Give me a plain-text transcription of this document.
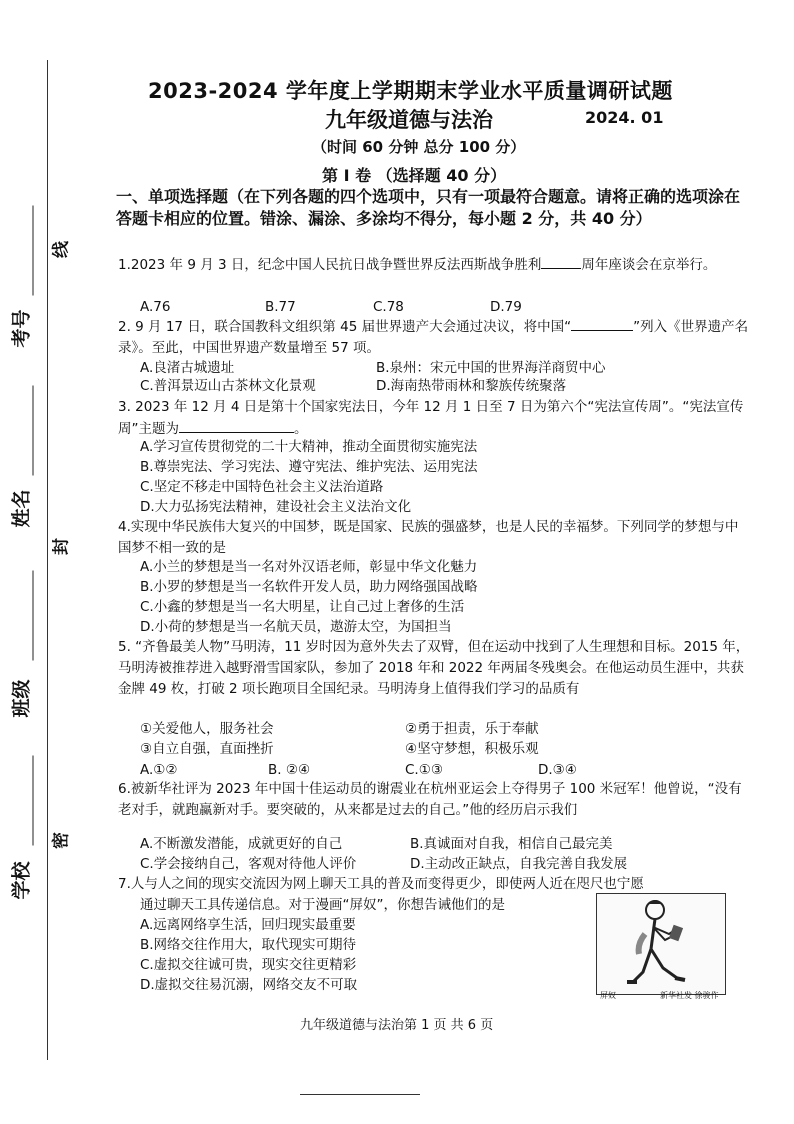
学校
班级
姓名
考号
密
封
线
2023-2024 学年度上学期期末学业水平质量调研试题
九年级道德与法治	2024. 01
（时间 60 分钟 总分 100 分）
第 Ⅰ 卷 （选择题 40 分）
一、单项选择题（在下列各题的四个选项中，只有一项最符合题意。请将正确的选项涂在答题卡相应的位置。错涂、漏涂、多涂均不得分，每小题 2 分，共 40 分）
1.2023 年 9 月 3 日，纪念中国人民抗日战争暨世界反法西斯战争胜利	周年座谈会在京举行。
A.76	B.77	C.78	D.79
2. 9 月 17 日，联合国教科文组织第 45 届世界遗产大会通过决议，将中国“	”列入《世界遗产名录》。至此，中国世界遗产数量增至 57 项。
A.良渚古城遗址	B.泉州：宋元中国的世界海洋商贸中心
C.普洱景迈山古茶林文化景观	D.海南热带雨林和黎族传统聚落
3. 2023 年 12 月 4 日是第十个国家宪法日，今年 12 月 1 日至 7 日为第六个“宪法宣传周”。“宪法宣传周”主题为	。
A.学习宣传贯彻党的二十大精神，推动全面贯彻实施宪法
B.尊崇宪法、学习宪法、遵守宪法、维护宪法、运用宪法
C.坚定不移走中国特色社会主义法治道路
D.大力弘扬宪法精神，建设社会主义法治文化
4.实现中华民族伟大复兴的中国梦，既是国家、民族的强盛梦，也是人民的幸福梦。下列同学的梦想与中国梦不相一致的是
A.小兰的梦想是当一名对外汉语老师，彰显中华文化魅力
B.小罗的梦想是当一名软件开发人员，助力网络强国战略
C.小鑫的梦想是当一名大明星，让自己过上奢侈的生活
D.小荷的梦想是当一名航天员，遨游太空，为国担当
5. “齐鲁最美人物”马明涛，11 岁时因为意外失去了双臂，但在运动中找到了人生理想和目标。2015 年，马明涛被推荐进入越野滑雪国家队，参加了 2018 年和 2022 年两届冬残奥会。在他运动员生涯中，共获金牌 49 枚，打破 2 项长跑项目全国纪录。马明涛身上值得我们学习的品质有
①关爱他人，服务社会	②勇于担责，乐于奉献
③自立自强，直面挫折	④坚守梦想，积极乐观
A.①②	B. ②④	C.①③	D.③④
6.被新华社评为 2023 年中国十佳运动员的谢震业在杭州亚运会上夺得男子 100 米冠军！他曾说，“没有老对手，就跑赢新对手。要突破的，从来都是过去的自己。”他的经历启示我们
A.不断激发潜能，成就更好的自己	B.真诚面对自我，相信自己最完美
C.学会接纳自己，客观对待他人评价	D.主动改正缺点，自我完善自我发展
7.人与人之间的现实交流因为网上聊天工具的普及而变得更少，即使两人近在咫尺也宁愿
通过聊天工具传递信息。对于漫画“屏奴”，你想告诫他们的是
A.远离网络享生活，回归现实最重要
B.网络交往作用大，取代现实可期待
C.虚拟交往诚可贵，现实交往更精彩
D.虚拟交往易沉溺，网络交友不可取
屏奴	新华社发 徐骏作
九年级道德与法治第 1 页 共 6 页
